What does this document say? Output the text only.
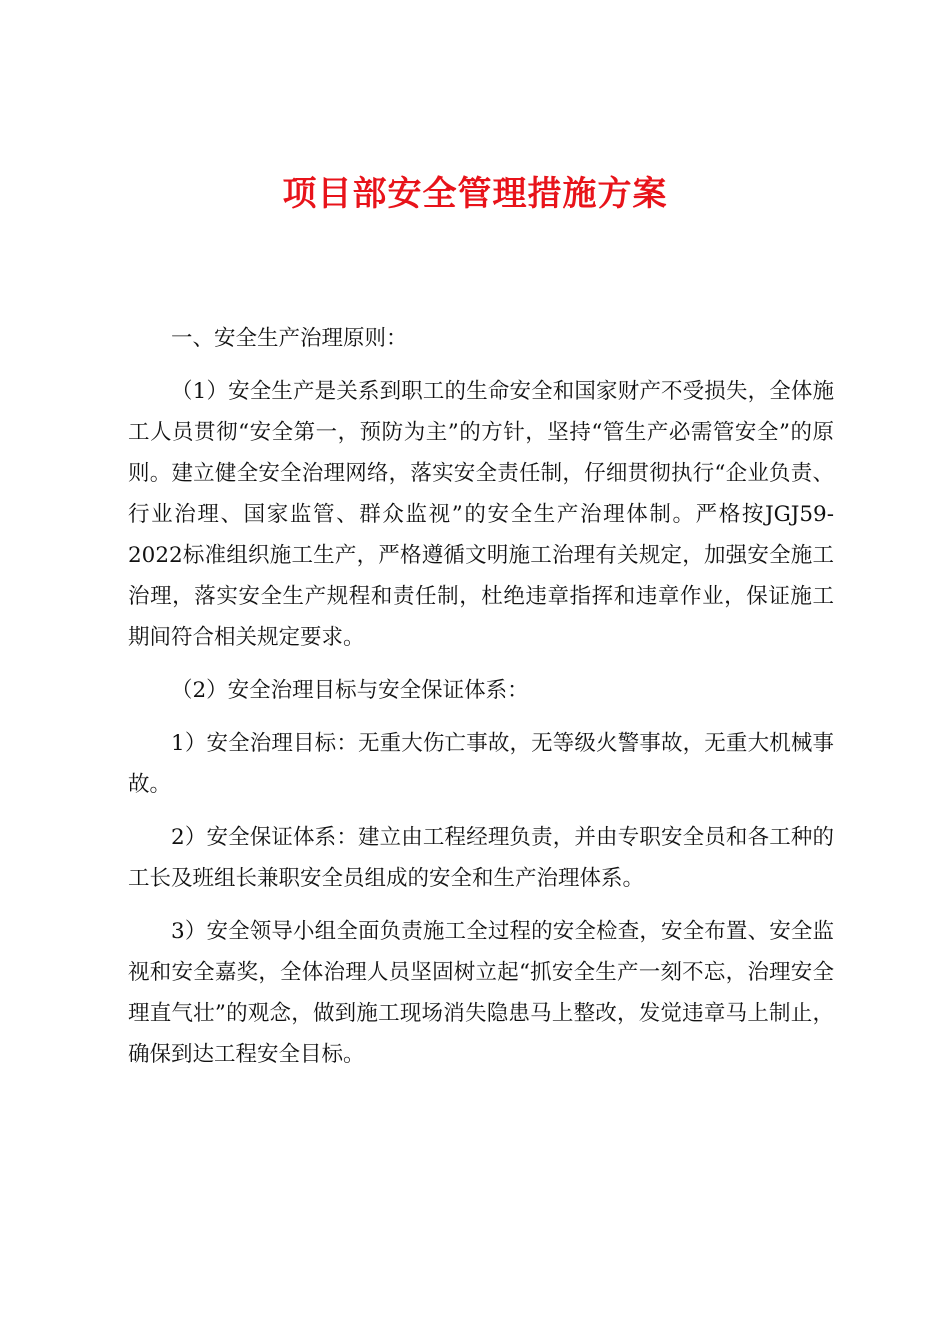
项目部安全管理措施方案

一、安全生产治理原则：

（1）安全生产是关系到职工的生命安全和国家财产不受损失，全体施工人员贯彻“安全第一，预防为主”的方针，坚持“管生产必需管安全”的原则。建立健全安全治理网络，落实安全责任制，仔细贯彻执行“企业负责、行业治理、国家监管、群众监视”的安全生产治理体制。严格按JGJ59-2022标准组织施工生产，严格遵循文明施工治理有关规定，加强安全施工治理，落实安全生产规程和责任制，杜绝违章指挥和违章作业，保证施工期间符合相关规定要求。

（2）安全治理目标与安全保证体系：

1）安全治理目标：无重大伤亡事故，无等级火警事故，无重大机械事故。

2）安全保证体系：建立由工程经理负责，并由专职安全员和各工种的工长及班组长兼职安全员组成的安全和生产治理体系。

3）安全领导小组全面负责施工全过程的安全检查，安全布置、安全监视和安全嘉奖，全体治理人员坚固树立起“抓安全生产一刻不忘，治理安全理直气壮”的观念，做到施工现场消失隐患马上整改，发觉违章马上制止，确保到达工程安全目标。
